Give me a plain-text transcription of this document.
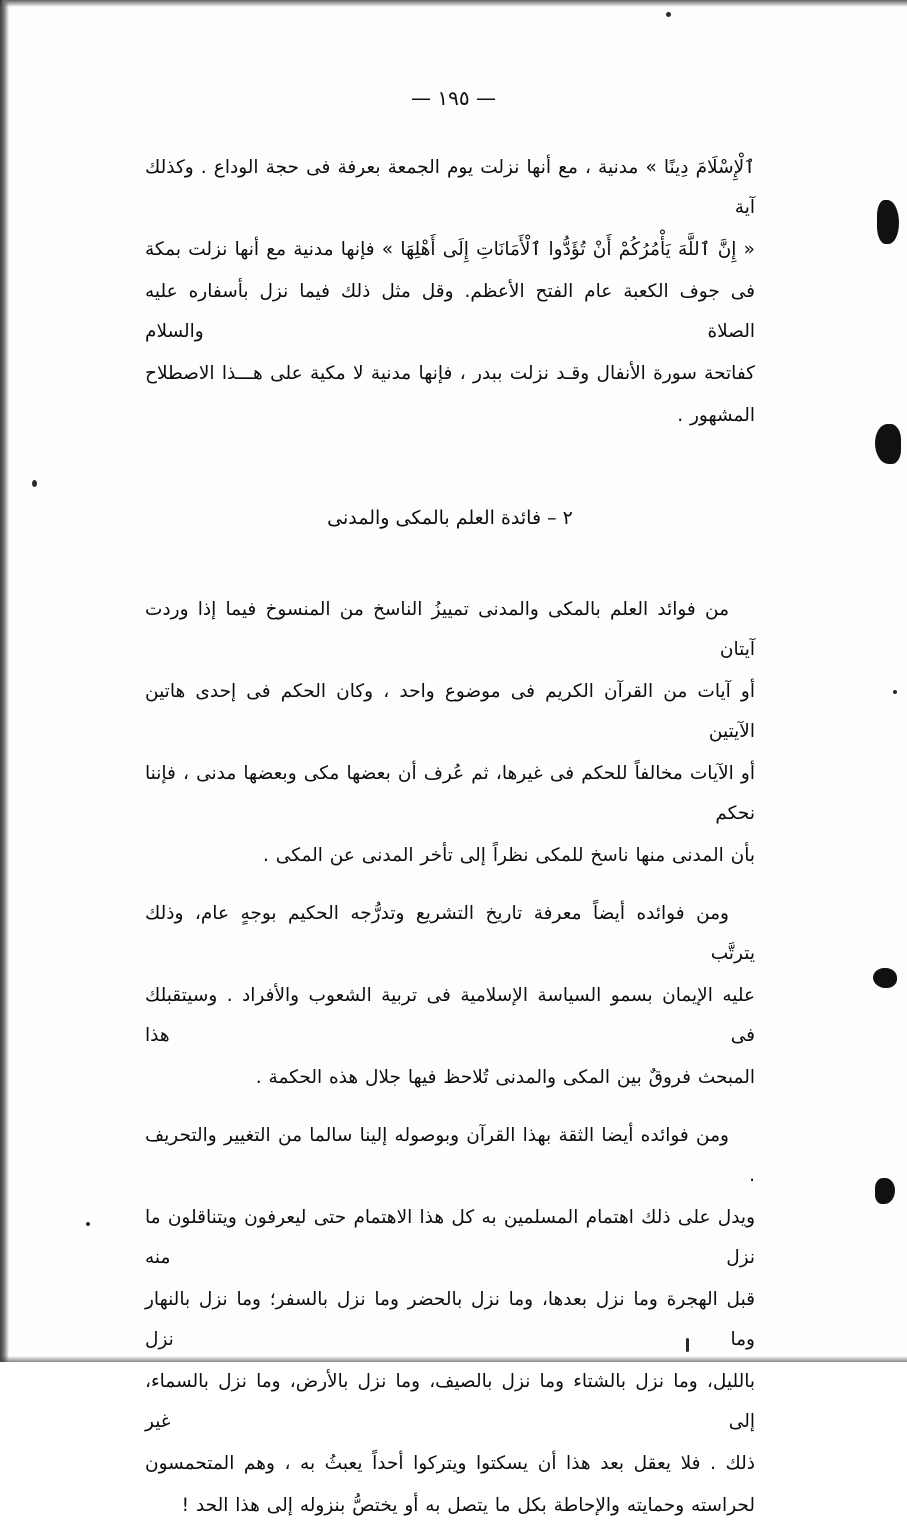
— ١٩٥ —

ٱلْإِسْلَامَ دِينًا » مدنية ، مع أنها نزلت يوم الجمعة بعرفة فى حجة الوداع . وكذلك آية

« إِنَّ ٱللَّهَ يَأْمُرُكُمْ أَنْ تُؤَدُّوا ٱلْأَمَانَاتِ إِلَى أَهْلِهَا » فإنها مدنية مع أنها نزلت بمكة

فى جوف الكعبة عام الفتح الأعظم. وقل مثل ذلك فيما نزل بأسفاره عليه الصلاة والسلام

كفاتحة سورة الأنفال وقـد نزلت ببدر ، فإنها مدنية لا مكية على هـــذا الاصطلاح

المشهور .

٢ – فائدة العلم بالمكى والمدنى

من فوائد العلم بالمكى والمدنى تمييزُ الناسخ من المنسوخ فيما إذا وردت آيتان

أو آيات من القرآن الكريم فى موضوع واحد ، وكان الحكم فى إحدى هاتين الآيتين

أو الآيات مخالفاً للحكم فى غيرها، ثم عُرف أن بعضها مكى وبعضها مدنى ، فإننا نحكم

بأن المدنى منها ناسخ للمكى نظراً إلى تأخر المدنى عن المكى .

ومن فوائده أيضاً معرفة تاريخ التشريع وتدرُّجه الحكيم بوجهٍ عام، وذلك يترتَّب

عليه الإيمان بسمو السياسة الإسلامية فى تربية الشعوب والأفراد . وسيتقبلك فى هذا

المبحث فروقٌ بين المكى والمدنى تُلاحظ فيها جلال هذه الحكمة .

ومن فوائده أيضا الثقة بهذا القرآن وبوصوله إلينا سالما من التغيير والتحريف .

ويدل على ذلك اهتمام المسلمين به كل هذا الاهتمام حتى ليعرفون ويتناقلون ما نزل منه

قبل الهجرة وما نزل بعدها، وما نزل بالحضر وما نزل بالسفر؛ وما نزل بالنهار وما نزل

بالليل، وما نزل بالشتاء وما نزل بالصيف، وما نزل بالأرض، وما نزل بالسماء، إلى غير

ذلك . فلا يعقل بعد هذا أن يسكتوا ويتركوا أحداً يعبثُ به ، وهم المتحمسون

لحراسته وحمايته والإحاطة بكل ما يتصل به أو يختصُّ بنزوله إلى هذا الحد !
